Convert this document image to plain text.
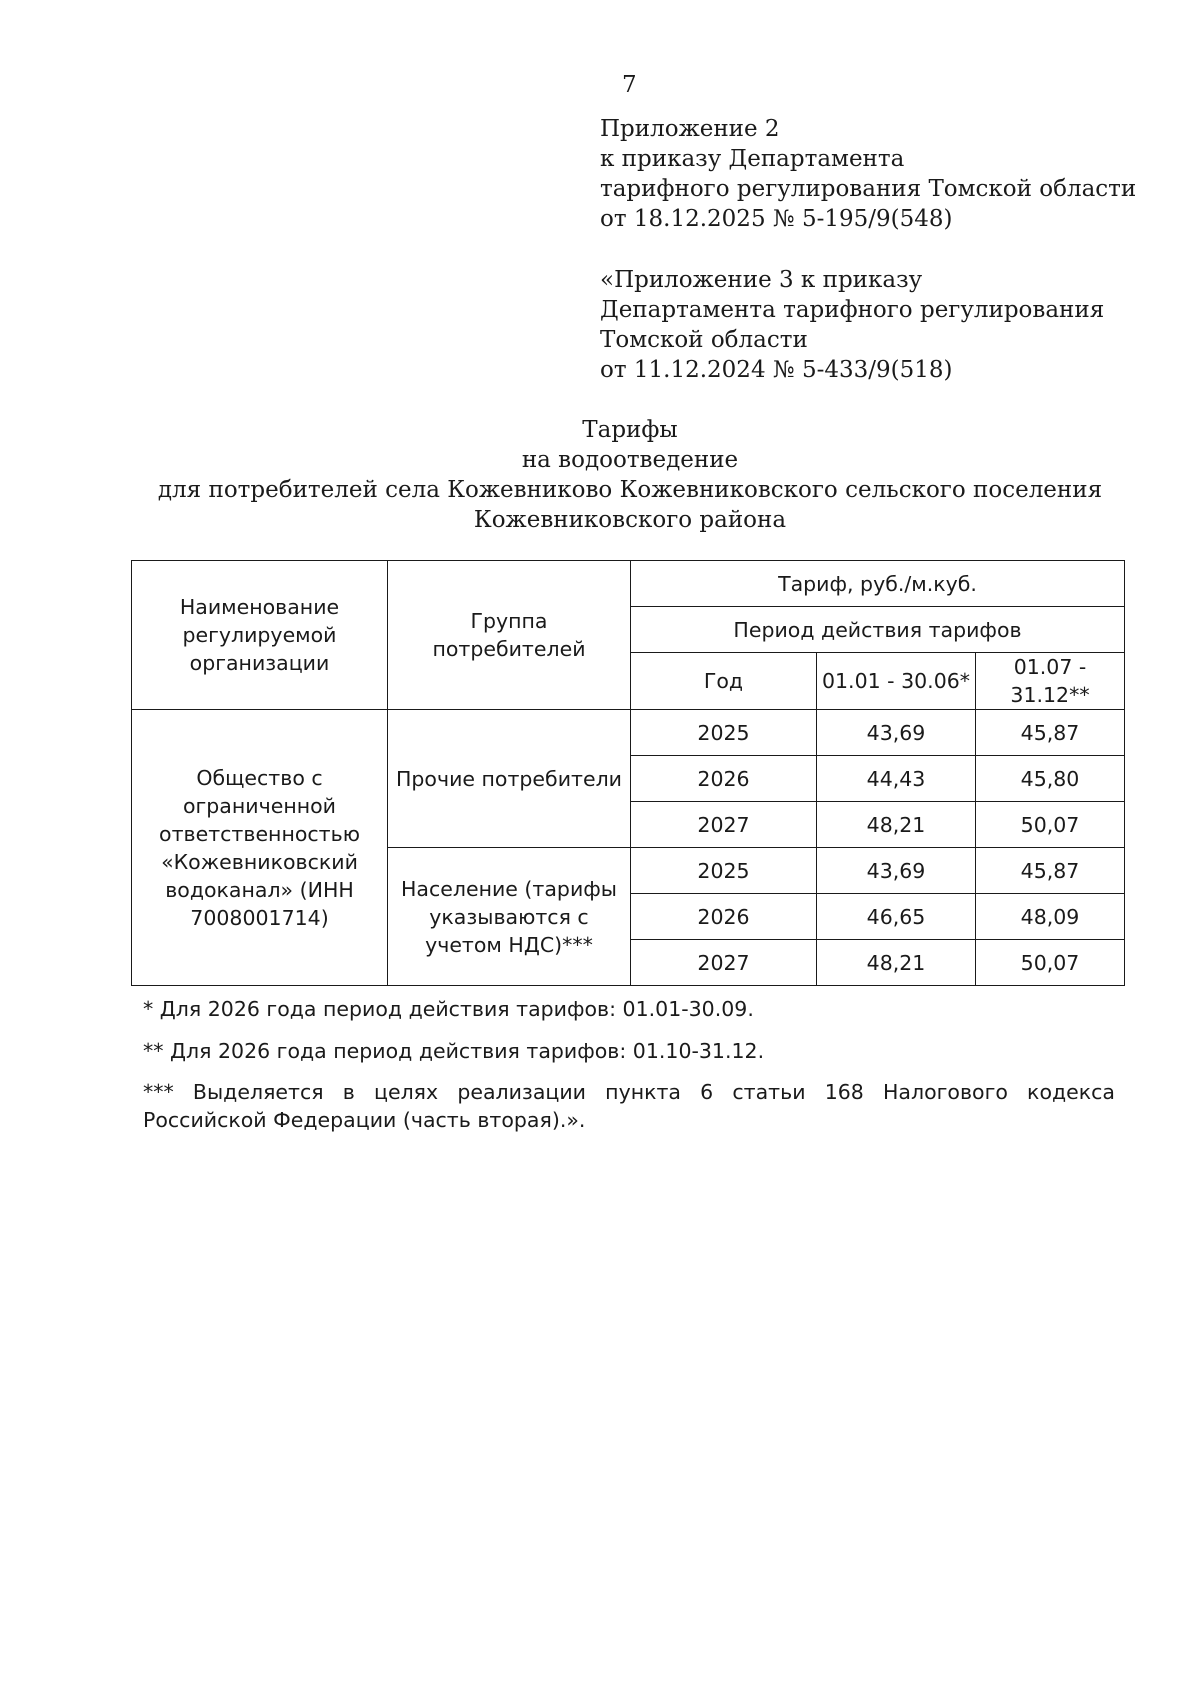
7
Приложение 2
к приказу Департамента
тарифного регулирования Томской области
от 18.12.2025 № 5-195/9(548)
«Приложение 3 к приказу
Департамента тарифного регулирования
Томской области
от 11.12.2024 № 5-433/9(518)
Тарифы
на водоотведение
для потребителей села Кожевниково Кожевниковского сельского поселения
Кожевниковского района
Наименование регулируемой организации	Группа потребителей	Тариф, руб./м.куб.		
		Период действия тарифов		
		Год	01.01 - 30.06*	01.07 - 31.12**
Общество с ограниченной ответственностью «Кожевниковский водоканал» (ИНН 7008001714)	Прочие потребители	2025	43,69	45,87
		2026	44,43	45,80
		2027	48,21	50,07
	Население (тарифы указываются с учетом НДС)***	2025	43,69	45,87
		2026	46,65	48,09
		2027	48,21	50,07
* Для 2026 года период действия тарифов: 01.01-30.09.
** Для 2026 года период действия тарифов: 01.10-31.12.
*** Выделяется в целях реализации пункта 6 статьи 168 Налогового кодекса Российской Федерации (часть вторая).».
